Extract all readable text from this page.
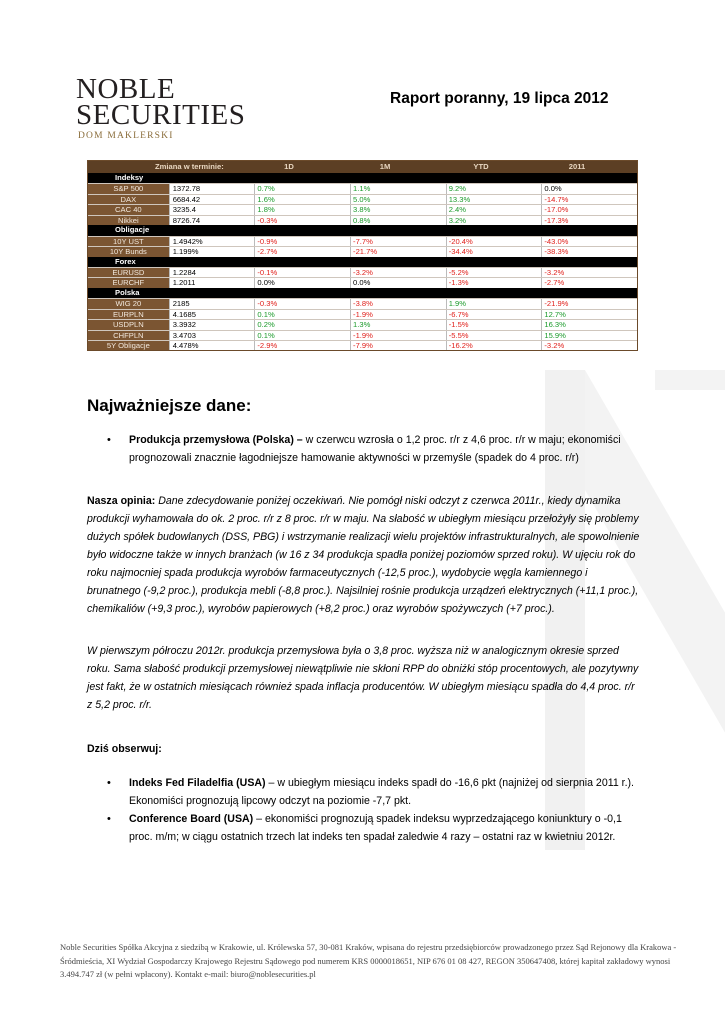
NOBLE
SECURITIES
DOM MAKLERSKI
Raport poranny, 19 lipca 2012
Zmiana w terminie:	1D	1M	YTD	2011
Indeksy
S&P 500	1372.78	0.7%	1.1%	9.2%	0.0%
DAX	6684.42	1.6%	5.0%	13.3%	-14.7%
CAC 40	3235.4	1.8%	3.8%	2.4%	-17.0%
Nikkei	8726.74	-0.3%	0.8%	3.2%	-17.3%
Obligacje
10Y UST	1.4942%	-0.9%	-7.7%	-20.4%	-43.0%
10Y Bunds	1.199%	-2.7%	-21.7%	-34.4%	-38.3%
Forex
EURUSD	1.2284	-0.1%	-3.2%	-5.2%	-3.2%
EURCHF	1.2011	0.0%	0.0%	-1.3%	-2.7%
Polska
WIG 20	2185	-0.3%	-3.8%	1.9%	-21.9%
EURPLN	4.1685	0.1%	-1.9%	-6.7%	12.7%
USDPLN	3.3932	0.2%	1.3%	-1.5%	16.3%
CHFPLN	3.4703	0.1%	-1.9%	-5.5%	15.9%
5Y Obligacje	4.478%	-2.9%	-7.9%	-16.2%	-3.2%
Najważniejsze dane:
• Produkcja przemysłowa (Polska) – w czerwcu wzrosła o 1,2 proc. r/r z 4,6 proc. r/r w maju; ekonomiści prognozowali znacznie łagodniejsze hamowanie aktywności w przemyśle (spadek do 4 proc. r/r)
Nasza opinia: Dane zdecydowanie poniżej oczekiwań. Nie pomógł niski odczyt z czerwca 2011r., kiedy dynamika produkcji wyhamowała do ok. 2 proc. r/r z 8 proc. r/r w maju. Na słabość w ubiegłym miesiącu przełożyły się problemy dużych spółek budowlanych (DSS, PBG) i wstrzymanie realizacji wielu projektów infrastrukturalnych, ale spowolnienie było widoczne także w innych branżach (w 16 z 34 produkcja spadła poniżej poziomów sprzed roku). W ujęciu rok do roku najmocniej spada produkcja wyrobów farmaceutycznych (-12,5 proc.), wydobycie węgla kamiennego i brunatnego (-9,2 proc.), produkcja mebli (-8,8 proc.). Najsilniej rośnie produkcja urządzeń elektrycznych (+11,1 proc.), chemikaliów (+9,3 proc.), wyrobów papierowych (+8,2 proc.) oraz wyrobów spożywczych (+7 proc.).
W pierwszym półroczu 2012r. produkcja przemysłowa była o 3,8 proc. wyższa niż w analogicznym okresie sprzed roku. Sama słabość produkcji przemysłowej niewątpliwie nie skłoni RPP do obniżki stóp procentowych, ale pozytywny jest fakt, że w ostatnich miesiącach również spada inflacja producentów. W ubiegłym miesiącu spadła do 4,4 proc. r/r z 5,2 proc. r/r.
Dziś obserwuj:
• Indeks Fed Filadelfia (USA) – w ubiegłym miesiącu indeks spadł do -16,6 pkt (najniżej od sierpnia 2011 r.). Ekonomiści prognozują lipcowy odczyt na poziomie -7,7 pkt.
• Conference Board (USA) – ekonomiści prognozują spadek indeksu wyprzedzającego koniunktury o -0,1 proc. m/m; w ciągu ostatnich trzech lat indeks ten spadał zaledwie 4 razy – ostatni raz w kwietniu 2012r.
Noble Securities Spółka Akcyjna z siedzibą w Krakowie, ul. Królewska 57, 30-081 Kraków, wpisana do rejestru przedsiębiorców prowadzonego przez Sąd Rejonowy dla Krakowa - Śródmieścia, XI Wydział Gospodarczy Krajowego Rejestru Sądowego pod numerem KRS 0000018651, NIP 676 01 08 427, REGON 350647408, której kapitał zakładowy wynosi 3.494.747 zł (w pełni wpłacony). Kontakt e-mail: biuro@noblesecurities.pl
